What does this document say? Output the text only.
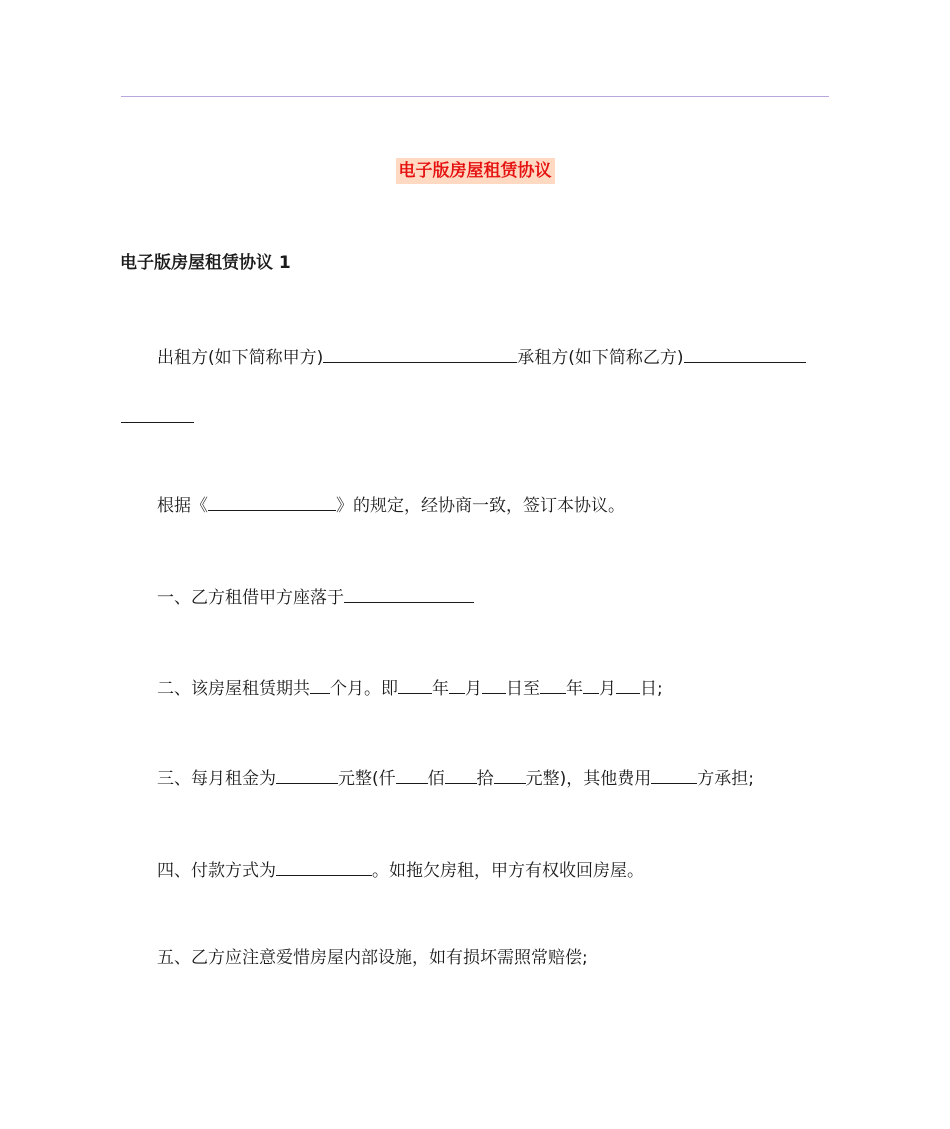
电子版房屋租赁协议
电子版房屋租赁协议 1
出租方(如下简称甲方)	承租方(如下简称乙方)
根据《	》的规定，经协商一致，签订本协议。
一、乙方租借甲方座落于
二、该房屋租赁期共 个月。即 年 月 日至 年 月 日;
三、每月租金为	元整(仟 佰 拾 元整)，其他费用	方承担;
四、付款方式为	。如拖欠房租，甲方有权收回房屋。
五、乙方应注意爱惜房屋内部设施，如有损坏需照常赔偿;
